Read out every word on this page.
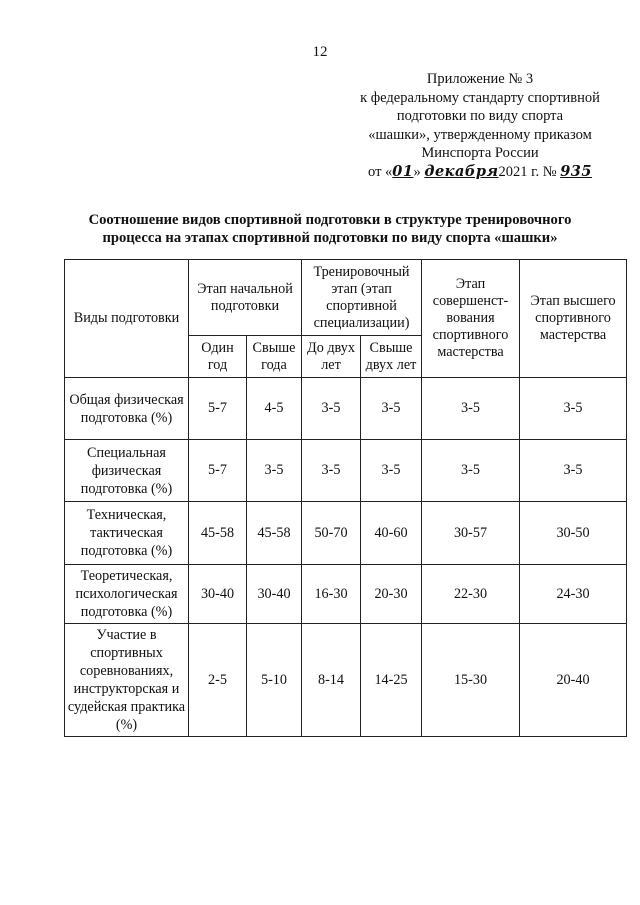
12
Приложение № 3
к федеральному стандарту спортивной
подготовки по виду спорта
«шашки», утвержденному приказом
Минспорта России
от «01» декабря2021 г. № 935
Соотношение видов спортивной подготовки в структуре тренировочного
процесса на этапах спортивной подготовки по виду спорта «шашки»
Виды подготовки	Этап начальной подготовки		Тренировочный этап (этап спортивной специализации)		Этап совершенст-вования спортивного мастерства	Этап высшего спортивного мастерства
	Один год	Свыше года	До двух лет	Свыше двух лет		
Общая физическая подготовка (%)	5-7	4-5	3-5	3-5	3-5	3-5
Специальная физическая подготовка (%)	5-7	3-5	3-5	3-5	3-5	3-5
Техническая, тактическая подготовка (%)	45-58	45-58	50-70	40-60	30-57	30-50
Теоретическая, психологическая подготовка (%)	30-40	30-40	16-30	20-30	22-30	24-30
Участие в спортивных соревнованиях, инструкторская и судейская практика (%)	2-5	5-10	8-14	14-25	15-30	20-40
